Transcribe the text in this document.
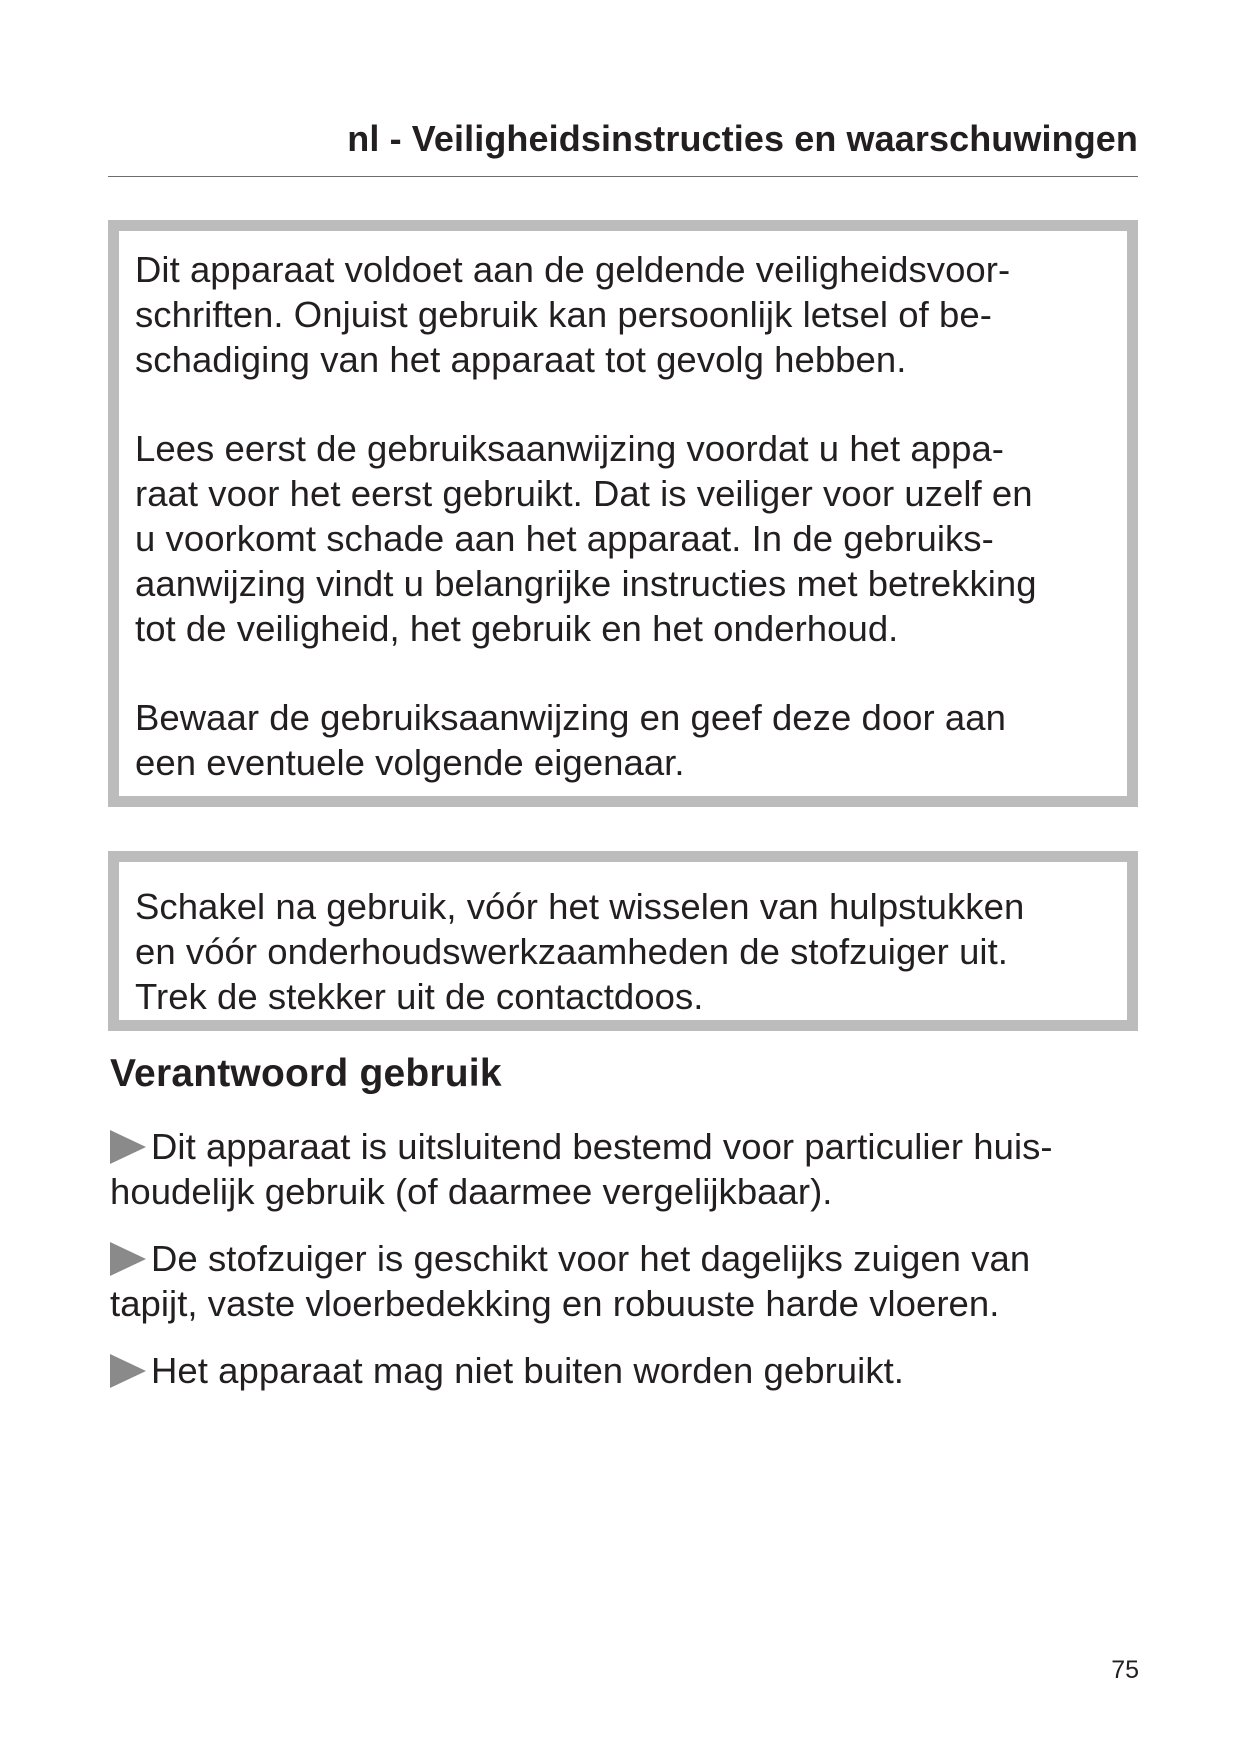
nl - Veiligheidsinstructies en waarschuwingen

Dit apparaat voldoet aan de geldende veiligheidsvoor-
schriften. Onjuist gebruik kan persoonlijk letsel of be-
schadiging van het apparaat tot gevolg hebben.

Lees eerst de gebruiksaanwijzing voordat u het appa-
raat voor het eerst gebruikt. Dat is veiliger voor uzelf en
u voorkomt schade aan het apparaat. In de gebruiks-
aanwijzing vindt u belangrijke instructies met betrekking
tot de veiligheid, het gebruik en het onderhoud.

Bewaar de gebruiksaanwijzing en geef deze door aan
een eventuele volgende eigenaar.

Schakel na gebruik, vóór het wisselen van hulpstukken
en vóór onderhoudswerkzaamheden de stofzuiger uit.
Trek de stekker uit de contactdoos.

Verantwoord gebruik
Dit apparaat is uitsluitend bestemd voor particulier huis-
houdelijk gebruik (of daarmee vergelijkbaar).
De stofzuiger is geschikt voor het dagelijks zuigen van
tapijt, vaste vloerbedekking en robuuste harde vloeren.
Het apparaat mag niet buiten worden gebruikt.

75
